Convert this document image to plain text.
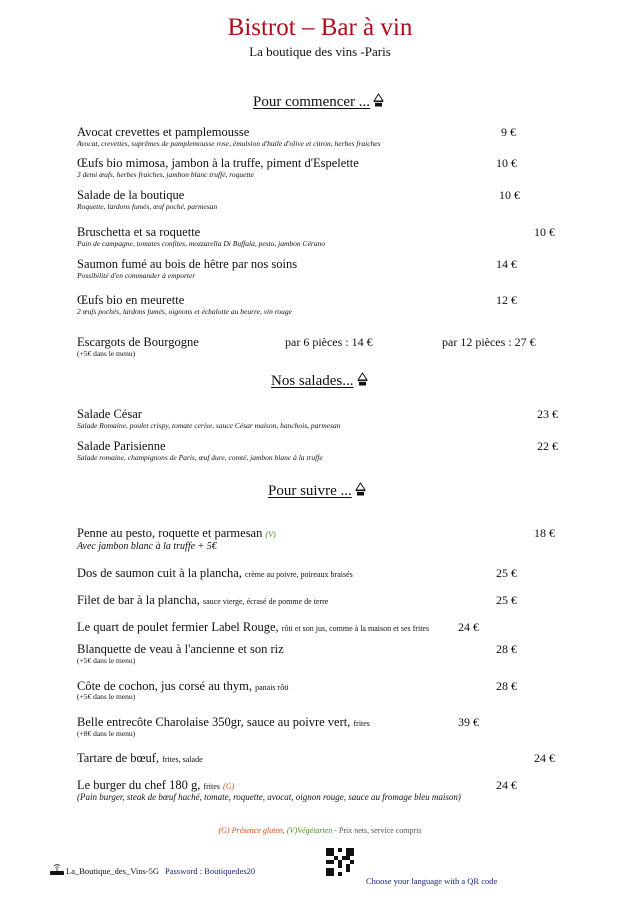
Bistrot – Bar à vin
La boutique des vins -Paris
Pour commencer ...
Avocat crevettes et pamplemousse
Avocat, crevettes, suprêmes de pamplemousse rose, émulsion d'huile d'olive et citron, herbes fraiches
9 €
Œufs bio mimosa, jambon à la truffe, piment d'Espelette
3 demi œufs, herbes fraiches, jambon blanc truffé, roquette
10 €
Salade de la boutique
Roquette, lardons fumés, œuf poché, parmesan
10 €
Bruschetta et sa roquette
Pain de campagne, tomates confites, mozzarella Di Buffala, pesto, jambon Cérano
10 €
Saumon fumé au bois de hêtre par nos soins
Possibilité d'en commander à emporter
14 €
Œufs bio en meurette
2 œufs pochés, lardons fumés, oignons et échalotte au beurre, vin rouge
12 €
Escargots de Bourgogne
(+5€ dans le menu)
par 6 pièces : 14 €	par 12 pièces : 27 €
Nos salades...
Salade César
Salade Romaine, poulet crispy, tomate cerise, sauce César maison, hanchois, parmesan
23 €
Salade Parisienne
Salade romaine, champignons de Paris, œuf dure, comté, jambon blanc à la truffe
22 €
Pour suivre ...
Penne au pesto, roquette et parmesan (V)
Avec jambon blanc à la truffe + 5€
18 €
Dos de saumon cuit à la plancha, crème au poivre, poireaux braisés	25 €
Filet de bar à la plancha, sauce vierge, écrasé de pomme de terre	25 €
Le quart de poulet fermier Label Rouge, rôti et son jus, comme à la maison et ses frites 24 €
Blanquette de veau à l'ancienne et son riz
(+5€ dans le menu)
28 €
Côte de cochon, jus corsé au thym, panais rôti
(+5€ dans le menu)
28 €
Belle entrecôte Charolaise 350gr, sauce au poivre vert, frites
(+8€ dans le menu)
39 €
Tartare de bœuf, frites, salade	24 €
Le burger du chef 180 g, frites (G)
(Pain burger, steak de bœuf haché, tomate, roquette, avocat, oignon rouge, sauce au fromage bleu maison)
24 €
(G) Présence gluten, (V)Végétarien - Prix nets, service compris
La_Boutique_des_Vins-5G Password : Boutiquedes20
Choose your language with a QR code
